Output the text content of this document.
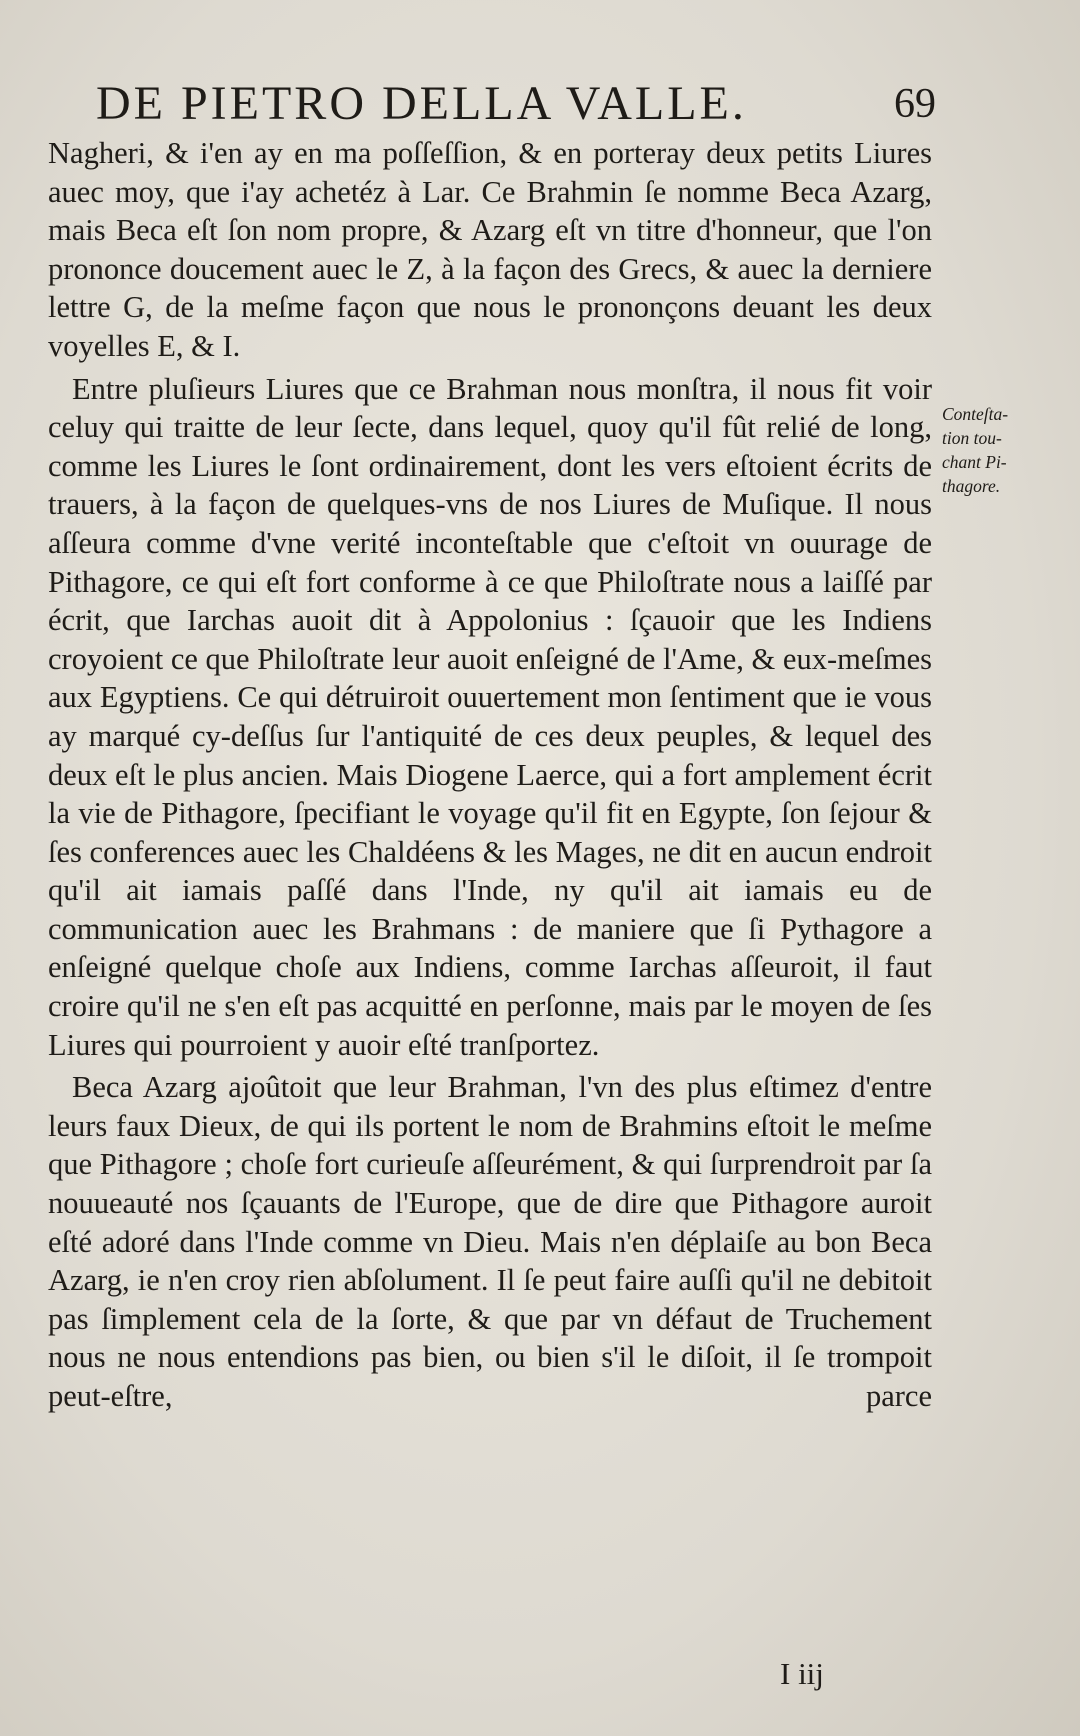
DE PIETRO DELLA VALLE.	69

Nagheri, & i'en ay en ma poſſeſſion, & en porteray deux petits Liures auec moy, que i'ay achetéz à Lar. Ce Brahmin ſe nomme Beca Azarg, mais Beca eſt ſon nom propre, & Azarg eſt vn titre d'honneur, que l'on prononce doucement auec le Z, à la façon des Grecs, & auec la derniere lettre G, de la meſme façon que nous le prononçons deuant les deux voyelles E, & I.

Entre pluſieurs Liures que ce Brahman nous monſtra, il nous fit voir celuy qui traitte de leur ſecte, dans lequel, quoy qu'il fût relié de long, comme les Liures le ſont ordinairement, dont les vers eſtoient écrits de trauers, à la façon de quelques-vns de nos Liures de Muſique. Il nous aſſeura comme d'vne verité inconteſtable que c'eſtoit vn ouurage de Pithagore, ce qui eſt fort conforme à ce que Philoſtrate nous a laiſſé par écrit, que Iarchas auoit dit à Appolonius : ſçauoir que les Indiens croyoient ce que Philoſtrate leur auoit enſeigné de l'Ame, & eux-meſmes aux Egyptiens. Ce qui détruiroit ouuertement mon ſentiment que ie vous ay marqué cy-deſſus ſur l'antiquité de ces deux peuples, & lequel des deux eſt le plus ancien. Mais Diogene Laerce, qui a fort amplement écrit la vie de Pithagore, ſpecifiant le voyage qu'il fit en Egypte, ſon ſejour & ſes conferences auec les Chaldéens & les Mages, ne dit en aucun endroit qu'il ait iamais paſſé dans l'Inde, ny qu'il ait iamais eu de communication auec les Brahmans : de maniere que ſi Pythagore a enſeigné quelque choſe aux Indiens, comme Iarchas aſſeuroit, il faut croire qu'il ne s'en eſt pas acquitté en perſonne, mais par le moyen de ſes Liures qui pourroient y auoir eſté tranſportez.

Beca Azarg ajoûtoit que leur Brahman, l'vn des plus eſtimez d'entre leurs faux Dieux, de qui ils portent le nom de Brahmins eſtoit le meſme que Pithagore ; choſe fort curieuſe aſſeurément, & qui ſurprendroit par ſa nouueauté nos ſçauants de l'Europe, que de dire que Pithagore auroit eſté adoré dans l'Inde comme vn Dieu. Mais n'en déplaiſe au bon Beca Azarg, ie n'en croy rien abſolument. Il ſe peut faire auſſi qu'il ne debitoit pas ſimplement cela de la ſorte, & que par vn défaut de Truchement nous ne nous entendions pas bien, ou bien s'il le diſoit, il ſe trompoit peut-eſtre, parce

Conteſta-
tion tou-
chant Pi-
thagore.
I iij
